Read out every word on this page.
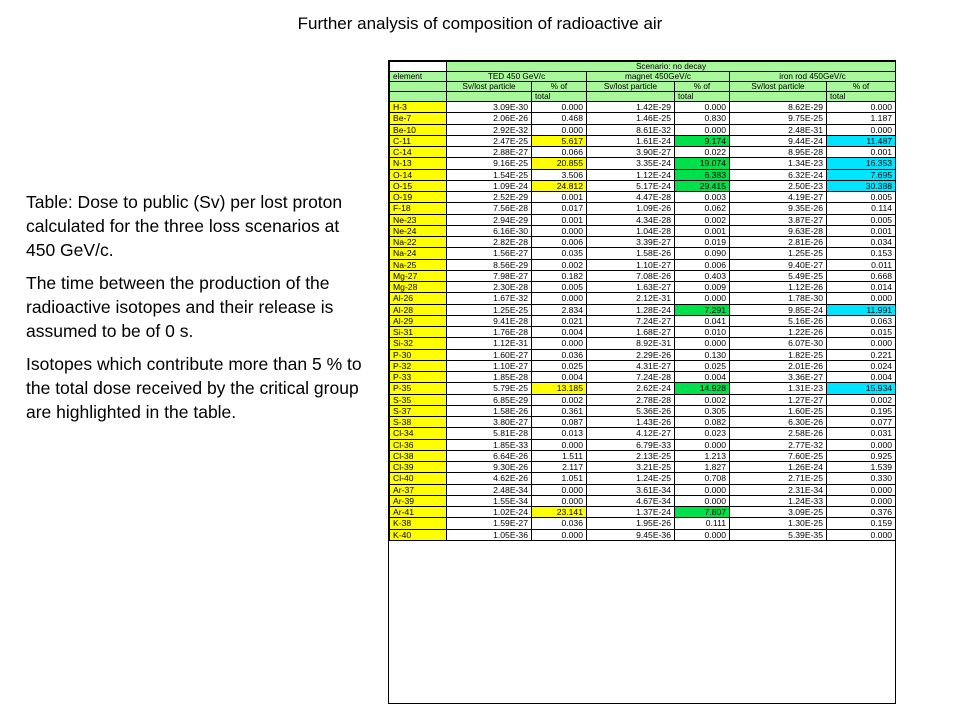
Further analysis of composition of radioactive air

Table: Dose to public (Sv) per lost proton calculated for the three loss scenarios at 450 GeV/c.

The time between the production of the radioactive isotopes and their release is assumed to be of 0 s.

Isotopes which contribute more than 5 % to the total dose received by the critical group are highlighted in the table.

	Scenario: no decay					
element	TED 450 GeV/c		magnet 450GeV/c		iron rod 450GeV/c	
	Sv/lost particle	% of	Sv/lost particle	% of	Sv/lost particle	% of
		total		total		total
H-3	3.09E-30	0.000	1.42E-29	0.000	8.62E-29	0.000
Be-7	2.06E-26	0.468	1.46E-25	0.830	9.75E-25	1.187
Be-10	2.92E-32	0.000	8.61E-32	0.000	2.48E-31	0.000
C-11	2.47E-25	5.617	1.61E-24	9.174	9.44E-24	11.487
C-14	2.88E-27	0.066	3.90E-27	0.022	8.95E-28	0.001
N-13	9.16E-25	20.855	3.35E-24	19.074	1.34E-23	16.353
O-14	1.54E-25	3.506	1.12E-24	6.383	6.32E-24	7.695
O-15	1.09E-24	24.812	5.17E-24	29.415	2.50E-23	30.388
O-19	2.52E-29	0.001	4.47E-28	0.003	4.19E-27	0.005
F-18	7.56E-28	0.017	1.09E-26	0.062	9.35E-26	0.114
Ne-23	2.94E-29	0.001	4.34E-28	0.002	3.87E-27	0.005
Ne-24	6.16E-30	0.000	1.04E-28	0.001	9.63E-28	0.001
Na-22	2.82E-28	0.006	3.39E-27	0.019	2.81E-26	0.034
Na-24	1.56E-27	0.035	1.58E-26	0.090	1.25E-25	0.153
Na-25	8.56E-29	0.002	1.10E-27	0.006	9.40E-27	0.011
Mg-27	7.98E-27	0.182	7.08E-26	0.403	5.49E-25	0.668
Mg-28	2.30E-28	0.005	1.63E-27	0.009	1.12E-26	0.014
Al-26	1.67E-32	0.000	2.12E-31	0.000	1.78E-30	0.000
Al-28	1.25E-25	2.834	1.28E-24	7.291	9.85E-24	11.991
Al-29	9.41E-28	0.021	7.24E-27	0.041	5.16E-26	0.063
Si-31	1.76E-28	0.004	1.68E-27	0.010	1.22E-26	0.015
Si-32	1.12E-31	0.000	8.92E-31	0.000	6.07E-30	0.000
P-30	1.60E-27	0.036	2.29E-26	0.130	1.82E-25	0.221
P-32	1.10E-27	0.025	4.31E-27	0.025	2.01E-26	0.024
P-33	1.85E-28	0.004	7.24E-28	0.004	3.36E-27	0.004
P-35	5.79E-25	13.185	2.62E-24	14.928	1.31E-23	15.934
S-35	6.85E-29	0.002	2.78E-28	0.002	1.27E-27	0.002
S-37	1.58E-26	0.361	5.36E-26	0.305	1.60E-25	0.195
S-38	3.80E-27	0.087	1.43E-26	0.082	6.30E-26	0.077
Cl-34	5.81E-28	0.013	4.12E-27	0.023	2.58E-26	0.031
Cl-36	1.85E-33	0.000	6.79E-33	0.000	2.77E-32	0.000
Cl-38	6.64E-26	1.511	2.13E-25	1.213	7.60E-25	0.925
Cl-39	9.30E-26	2.117	3.21E-25	1.827	1.26E-24	1.539
Cl-40	4.62E-26	1.051	1.24E-25	0.708	2.71E-25	0.330
Ar-37	2.48E-34	0.000	3.61E-34	0.000	2.31E-34	0.000
Ar-39	1.55E-34	0.000	4.67E-34	0.000	1.24E-33	0.000
Ar-41	1.02E-24	23.141	1.37E-24	7.807	3.09E-25	0.376
K-38	1.59E-27	0.036	1.95E-26	0.111	1.30E-25	0.159
K-40	1.05E-36	0.000	9.45E-36	0.000	5.39E-35	0.000
